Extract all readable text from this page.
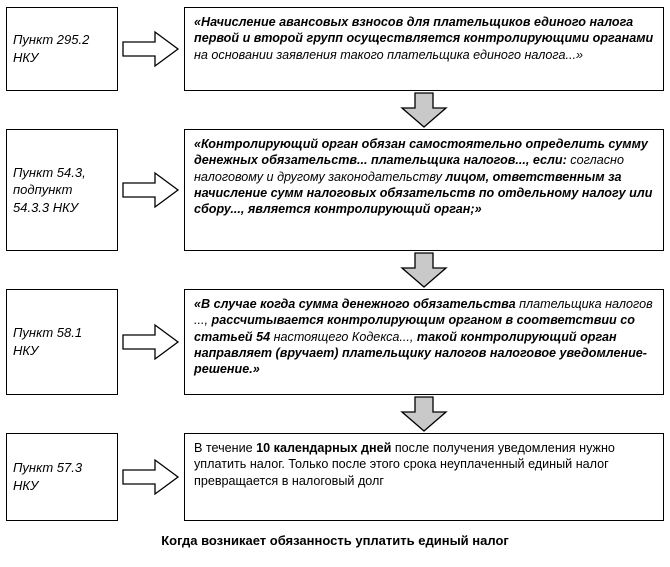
Пункт 295.2 НКУ
«Начисление авансовых взносов для плательщиков единого налога первой и второй групп осуществляется контролирующими органами на основании заявления такого плательщика единого налога...»
Пункт 54.3, подпункт 54.3.3 НКУ
«Контролирующий орган обязан самостоятельно определить сумму денежных обязательств... плательщика налогов..., если: согласно налоговому и другому законодательству лицом, ответственным за начисление сумм налоговых обязательств по отдельному налогу или сбору..., является контролирующий орган;»
Пункт 58.1 НКУ
«В случае когда сумма денежного обязательства плательщика налогов ..., рассчитывается контролирующим органом в соответствии со статьей 54 настоящего Кодекса..., такой контролирующий орган направляет (вручает) плательщику налогов налоговое уведомление-решение.»
Пункт 57.3 НКУ
В течение 10 календарных дней после получения уведомления нужно уплатить налог. Только после этого срока неуплаченный единый налог превращается в налоговый долг
Когда возникает обязанность уплатить единый налог
